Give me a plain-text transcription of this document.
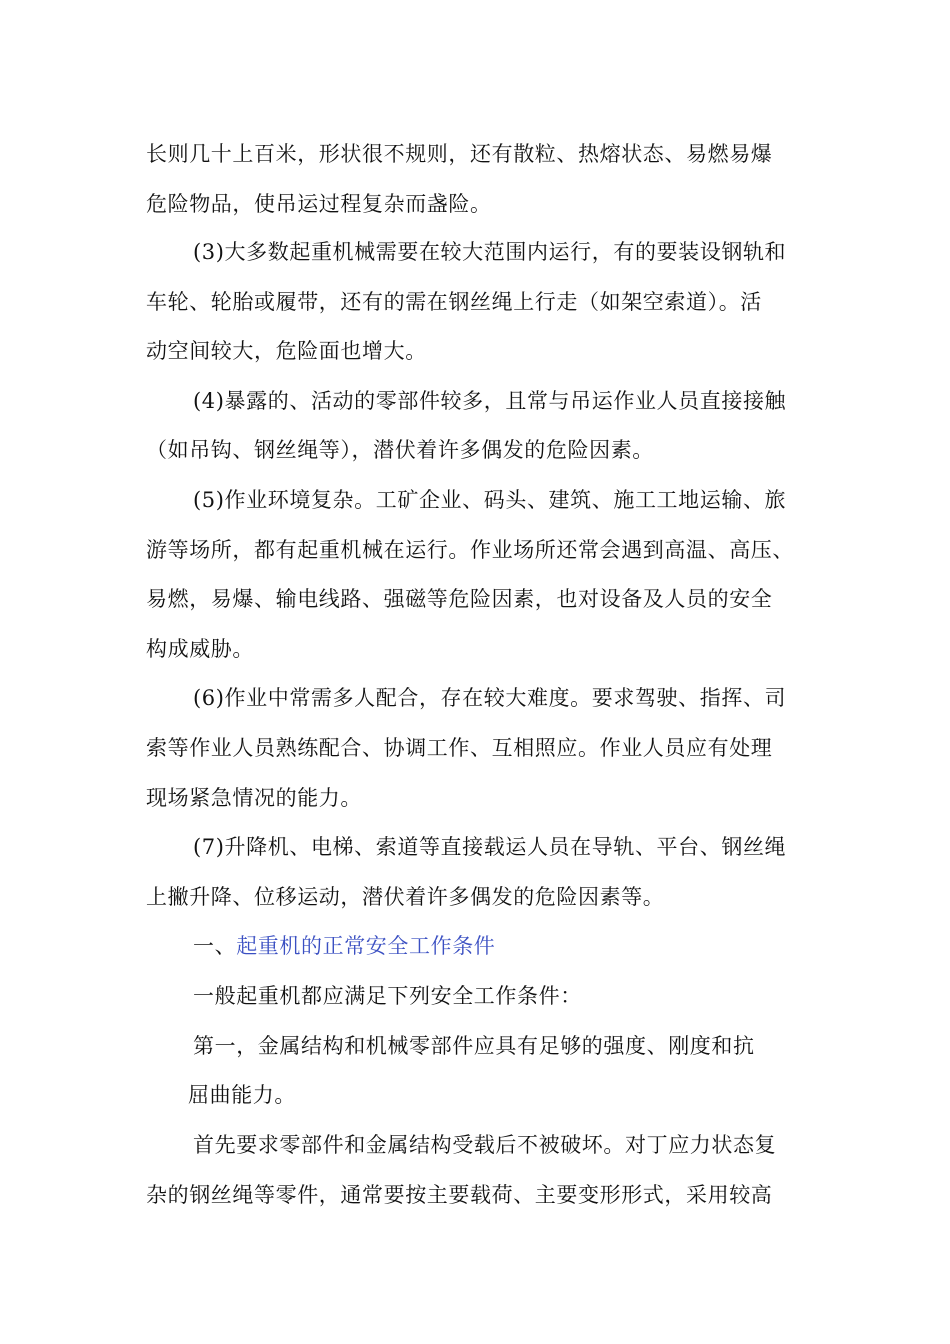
长则几十上百米，形状很不规则，还有散粒、热熔状态、易燃易爆
危险物品，使吊运过程复杂而盏险。
(3)大多数起重机械需要在较大范围内运行，有的要装设钢轨和
车轮、轮胎或履带，还有的需在钢丝绳上行走（如架空索道）。活
动空间较大，危险面也增大。
(4)暴露的、活动的零部件较多，且常与吊运作业人员直接接触
（如吊钩、钢丝绳等），潜伏着许多偶发的危险因素。
(5)作业环境复杂。工矿企业、码头、建筑、施工工地运输、旅
游等场所，都有起重机械在运行。作业场所还常会遇到高温、高压、
易燃，易爆、输电线路、强磁等危险因素，也对设备及人员的安全
构成威胁。
(6)作业中常需多人配合，存在较大难度。要求驾驶、指挥、司
索等作业人员熟练配合、协调工作、互相照应。作业人员应有处理
现场紧急情况的能力。
(7)升降机、电梯、索道等直接载运人员在导轨、平台、钢丝绳
上撇升降、位移运动，潜伏着许多偶发的危险因素等。
一、起重机的正常安全工作条件
一般起重机都应满足下列安全工作条件：
第一，金属结构和机械零部件应具有足够的强度、刚度和抗
屈曲能力。
首先要求零部件和金属结构受载后不被破坏。对丁应力状态复
杂的钢丝绳等零件，通常要按主要载荷、主要变形形式，采用较高
